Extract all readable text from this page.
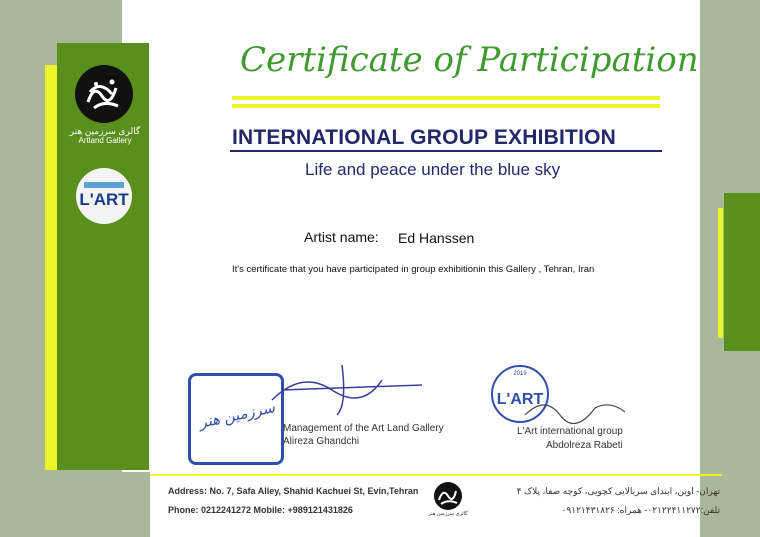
گالری سرزمین هنر
Artland Gallery
L'ART
Certificate of Participation
INTERNATIONAL GROUP EXHIBITION
Life and peace under the blue sky
Artist name: Ed Hanssen
It's certificate that you have participated in group exhibitionin this Gallery , Tehran, Iran
سرزمین هنر Management of the Art Land Gallery
Alireza Ghandchi
2019
L'ART
L'Art international group
Abdolreza Rabeti
Address: No. 7, Safa Alley, Shahid Kachuei St, Evin,Tehran
Phone: 0212241272 Mobile: +989121431826	گالری سرزمین هنر
تهران- اوین، ابتدای سربالایی کچویی، کوچه صفا، پلاک ۴
تلفن:۰۲۱۲۲۴۱۱۲۷۲- همراه: ۰۹۱۲۱۴۳۱۸۲۶
